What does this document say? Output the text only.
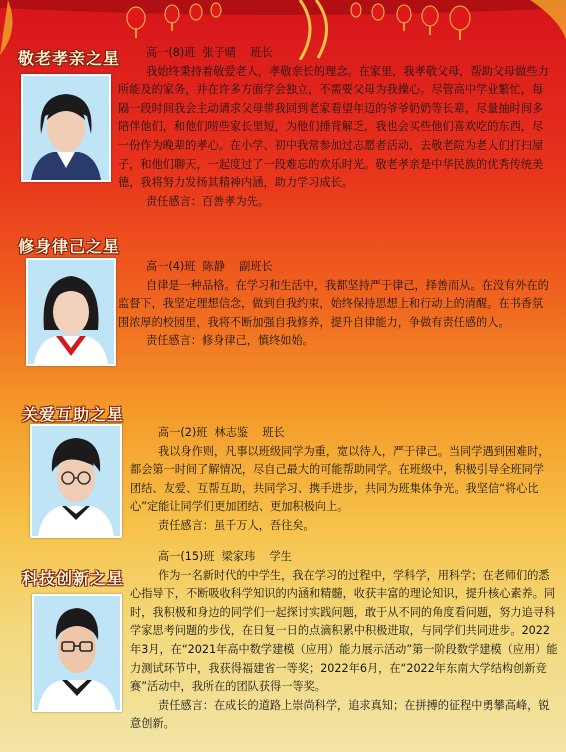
敬老孝亲之星	高一(8)班 张子晴 班长

我始终秉持着敬爱老人，孝敬亲长的理念。在家里，我孝敬父母，帮助父母做些力所能及的家务，并在许多方面学会独立，不需要父母为我操心。尽管高中学业繁忙，每隔一段时间我会主动请求父母带我回到老家看望年迈的爷爷奶奶等长辈，尽量抽时间多陪伴他们，和他们唠些家长里短，为他们捶背解乏，我也会买些他们喜欢吃的东西，尽一份作为晚辈的孝心。在小学、初中我常参加过志愿者活动，去敬老院为老人们打扫屋子，和他们聊天，一起度过了一段难忘的欢乐时光。敬老孝亲是中华民族的优秀传统美德，我将努力发扬其精神内涵，助力学习成长。

责任感言：百善孝为先。

修身律己之星

高一(4)班 陈静 副班长

自律是一种品格。在学习和生活中，我都坚持严于律己，择善而从。在没有外在的监督下，我坚定理想信念，做到自我约束，始终保持思想上和行动上的清醒。在书香氛围浓厚的校园里，我将不断加强自我修养，提升自律能力，争做有责任感的人。

责任感言：修身律己，慎终如始。

关爱互助之星

高一(2)班 林志鉴 班长

我以身作则，凡事以班级同学为重，宽以待人，严于律己。当同学遇到困难时，都会第一时间了解情况，尽自己最大的可能帮助同学。在班级中，积极引导全班同学团结、友爱、互帮互助，共同学习、携手进步，共同为班集体争光。我坚信“将心比心”定能让同学们更加团结、更加积极向上。

责任感言：虽千万人，吾往矣。

科技创新之星

高一(15)班 梁家玮 学生

作为一名新时代的中学生，我在学习的过程中，学科学，用科学；在老师们的悉心指导下，不断吸收科学知识的内涵和精髓，收获丰富的理论知识，提升核心素养。同时，我积极和身边的同学们一起探讨实践问题，敢于从不同的角度看问题，努力追寻科学家思考问题的步伐，在日复一日的点滴积累中积极进取，与同学们共同进步。2022年3月，在“2021年高中数学建模（应用）能力展示活动”第一阶段数学建模（应用）能力测试环节中，我获得福建省一等奖；2022年6月，在“2022年东南大学结构创新竞赛”活动中，我所在的团队获得一等奖。

责任感言：在成长的道路上崇尚科学，追求真知；在拼搏的征程中勇攀高峰，锐意创新。
